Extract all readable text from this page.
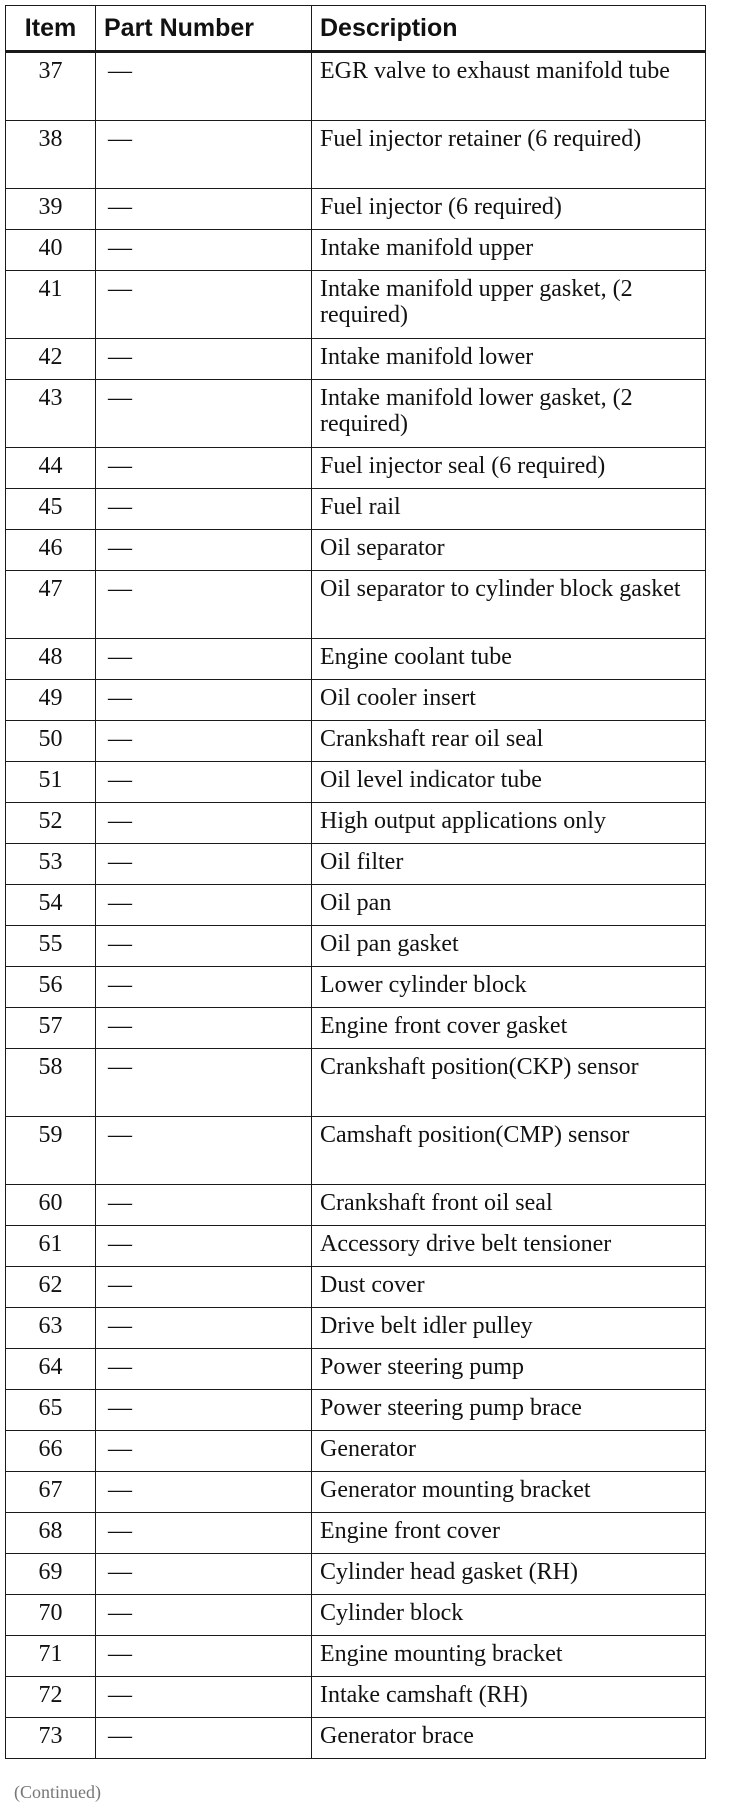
Item	Part Number	Description
37	—	EGR valve to exhaust manifold tube
38	—	Fuel injector retainer (6 required)
39	—	Fuel injector (6 required)
40	—	Intake manifold upper
41	—	Intake manifold upper gasket, (2 required)
42	—	Intake manifold lower
43	—	Intake manifold lower gasket, (2 required)
44	—	Fuel injector seal (6 required)
45	—	Fuel rail
46	—	Oil separator
47	—	Oil separator to cylinder block gasket
48	—	Engine coolant tube
49	—	Oil cooler insert
50	—	Crankshaft rear oil seal
51	—	Oil level indicator tube
52	—	High output applications only
53	—	Oil filter
54	—	Oil pan
55	—	Oil pan gasket
56	—	Lower cylinder block
57	—	Engine front cover gasket
58	—	Crankshaft position(CKP) sensor
59	—	Camshaft position(CMP) sensor
60	—	Crankshaft front oil seal
61	—	Accessory drive belt tensioner
62	—	Dust cover
63	—	Drive belt idler pulley
64	—	Power steering pump
65	—	Power steering pump brace
66	—	Generator
67	—	Generator mounting bracket
68	—	Engine front cover
69	—	Cylinder head gasket (RH)
70	—	Cylinder block
71	—	Engine mounting bracket
72	—	Intake camshaft (RH)
73	—	Generator brace
(Continued)
